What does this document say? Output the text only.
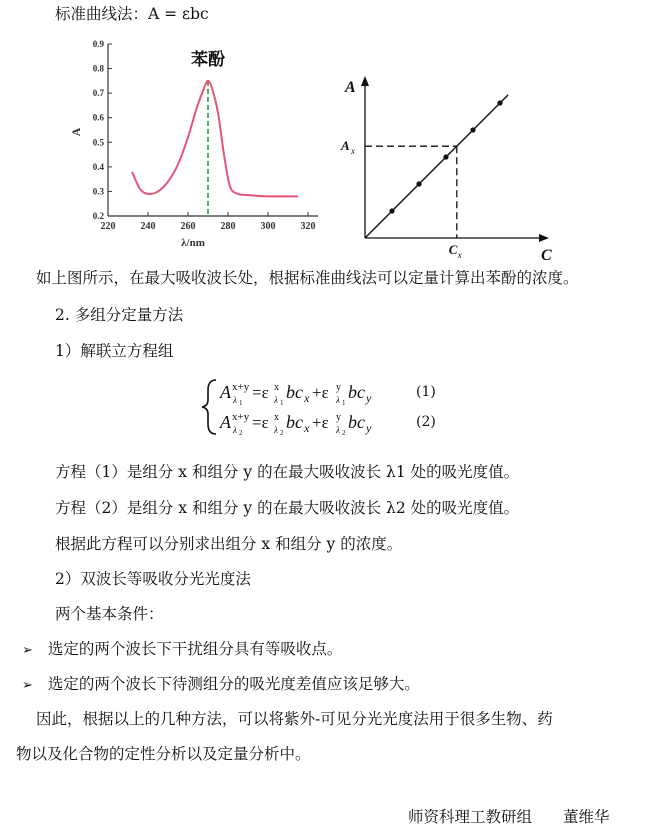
标准曲线法：A = εbc
0.2
0.3
0.4
0.5
0.6
0.7
0.8
0.9
220	240	260	280	300	320
A
λ/nm
苯酚
A
C
A x
C x
如上图所示，在最大吸收波长处，根据标准曲线法可以定量计算出苯酚的浓度。
2. 多组分定量方法
1）解联立方程组
A x+y
λ 1
=ε x
λ 1
bc x +ε y
λ 1
bc y
A x+y
λ 2
=ε x
λ 2
bc x +ε y
λ 2
bc y
(1)
(2)
方程（1）是组分 x 和组分 y 的在最大吸收波长 λ1 处的吸光度值。
方程（2）是组分 x 和组分 y 的在最大吸收波长 λ2 处的吸光度值。
根据此方程可以分别求出组分 x 和组分 y 的浓度。
2）双波长等吸收分光光度法
两个基本条件：
➢ 选定的两个波长下干扰组分具有等吸收点。
➢ 选定的两个波长下待测组分的吸光度差值应该足够大。
因此，根据以上的几种方法，可以将紫外-可见分光光度法用于很多生物、药
物以及化合物的定性分析以及定量分析中。
师资科理工教研组　　董维华
